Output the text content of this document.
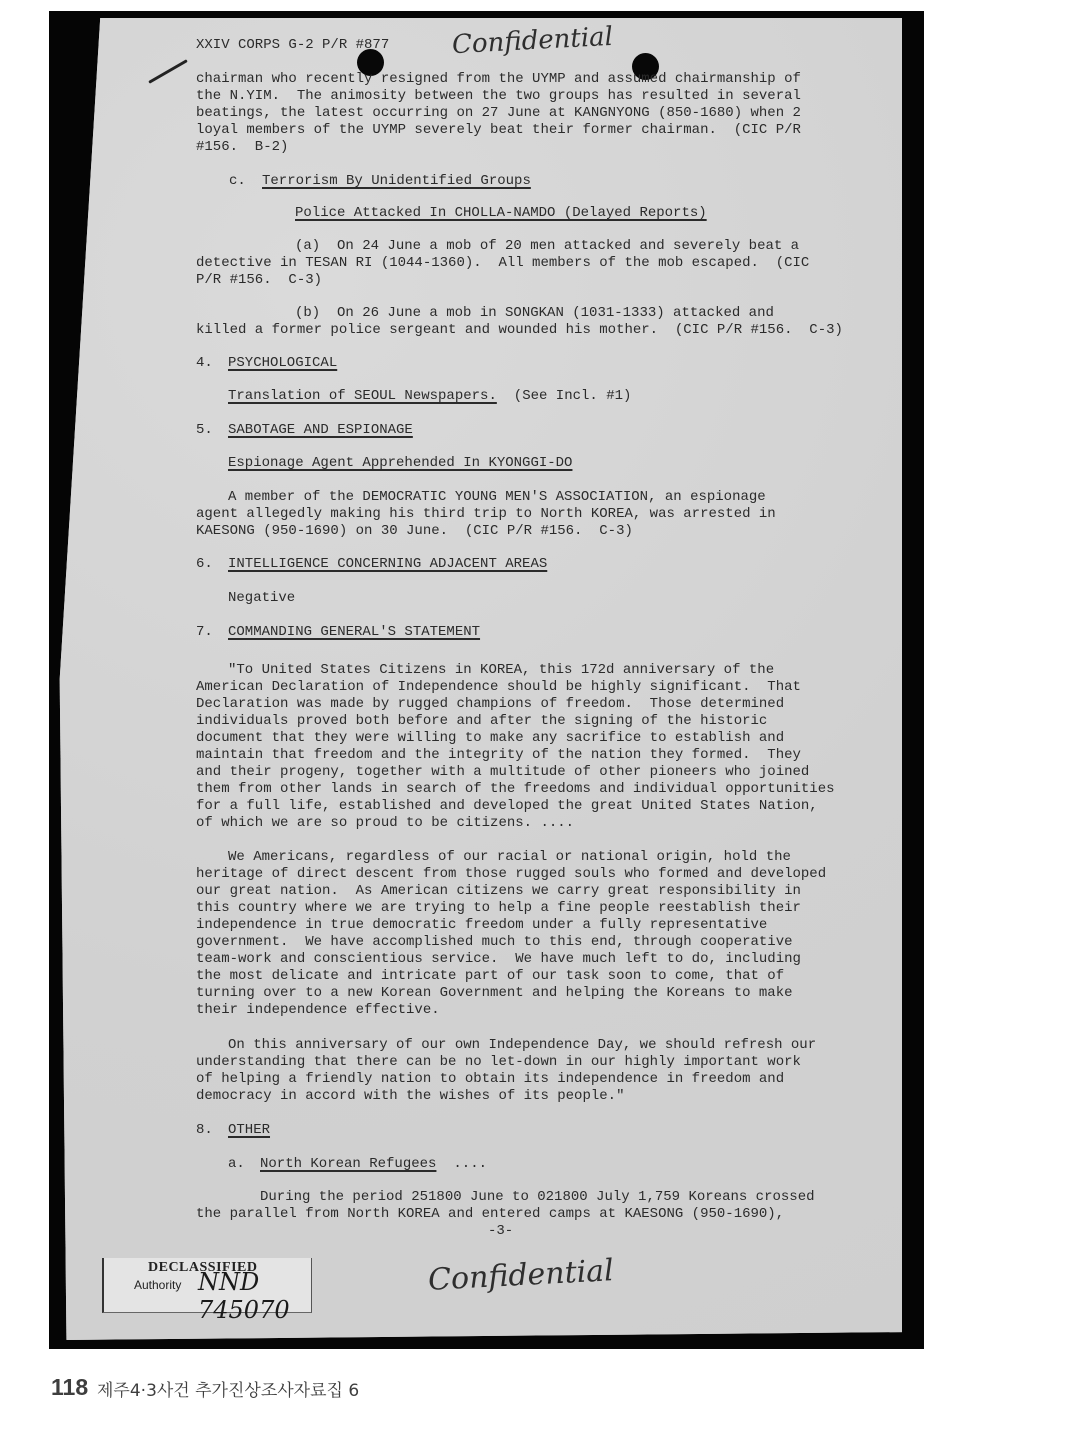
XXIV CORPS G-2 P/R #877 Confidential
chairman who recently resigned from the UYMP and assumed chairmanship of
the N.YIM.  The animosity between the two groups has resulted in several
beatings, the latest occurring on 27 June at KANGNYONG (850-1680) when 2
loyal members of the UYMP severely beat their former chairman.  (CIC P/R
#156.  B-2)
c. Terrorism By Unidentified Groups
Police Attacked In CHOLLA-NAMDO (Delayed Reports)
(a)  On 24 June a mob of 20 men attacked and severely beat a
detective in TESAN RI (1044-1360).  All members of the mob escaped.  (CIC
P/R #156.  C-3)
(b)  On 26 June a mob in SONGKAN (1031-1333) attacked and
killed a former police sergeant and wounded his mother.  (CIC P/R #156.  C-3)
4. PSYCHOLOGICAL
Translation of SEOUL Newspapers. (See Incl. #1)
5. SABOTAGE AND ESPIONAGE
Espionage Agent Apprehended In KYONGGI-DO
A member of the DEMOCRATIC YOUNG MEN'S ASSOCIATION, an espionage
agent allegedly making his third trip to North KOREA, was arrested in
KAESONG (950-1690) on 30 June.  (CIC P/R #156.  C-3)
6. INTELLIGENCE CONCERNING ADJACENT AREAS
Negative
7. COMMANDING GENERAL'S STATEMENT
"To United States Citizens in KOREA, this 172d anniversary of the
American Declaration of Independence should be highly significant.  That
Declaration was made by rugged champions of freedom.  Those determined
individuals proved both before and after the signing of the historic
document that they were willing to make any sacrifice to establish and
maintain that freedom and the integrity of the nation they formed.  They
and their progeny, together with a multitude of other pioneers who joined
them from other lands in search of the freedoms and individual opportunities
for a full life, established and developed the great United States Nation,
of which we are so proud to be citizens. ....
We Americans, regardless of our racial or national origin, hold the
heritage of direct descent from those rugged souls who formed and developed
our great nation.  As American citizens we carry great responsibility in
this country where we are trying to help a fine people reestablish their
independence in true democratic freedom under a fully representative
government.  We have accomplished much to this end, through cooperative
team-work and conscientious service.  We have much left to do, including
the most delicate and intricate part of our task soon to come, that of
turning over to a new Korean Government and helping the Koreans to make
their independence effective.
On this anniversary of our own Independence Day, we should refresh our
understanding that there can be no let-down in our highly important work
of helping a friendly nation to obtain its independence in freedom and
democracy in accord with the wishes of its people."
8. OTHER
a. North Korean Refugees ....
During the period 251800 June to 021800 July 1,759 Koreans crossed
the parallel from North KOREA and entered camps at KAESONG (950-1690),
-3-
DECLASSIFIED
Authority NND 745070
Confidential
118 제주4·3사건 추가진상조사자료집 6
